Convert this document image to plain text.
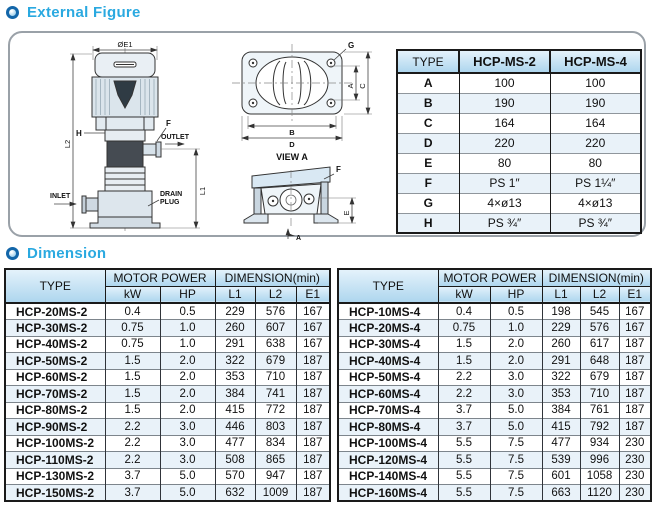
External Figure
ØE1
L2
L1
H
F
OUTLET
INLET	DRAIN
PLUG
G
A C
B
D
VIEW A
F
E
A
TYPE	HCP-MS-2	HCP-MS-4
A	100	100
B	190	190
C	164	164
D	220	220
E	80	80
F	PS 1″	PS 1¼″
G	4×ø13	4×ø13
H	PS ¾″	PS ¾″
Dimension
TYPE	MOTOR POWER		DIMENSION(min)		
	kW	HP	L1	L2	E1
HCP-20MS-2	0.4	0.5	229	576	167
HCP-30MS-2	0.75	1.0	260	607	167
HCP-40MS-2	0.75	1.0	291	638	167
HCP-50MS-2	1.5	2.0	322	679	187
HCP-60MS-2	1.5	2.0	353	710	187
HCP-70MS-2	1.5	2.0	384	741	187
HCP-80MS-2	1.5	2.0	415	772	187
HCP-90MS-2	2.2	3.0	446	803	187
HCP-100MS-2	2.2	3.0	477	834	187
HCP-110MS-2	2.2	3.0	508	865	187
HCP-130MS-2	3.7	5.0	570	947	187
HCP-150MS-2	3.7	5.0	632	1009	187
TYPE	MOTOR POWER		DIMENSION(min)		
	kW	HP	L1	L2	E1
HCP-10MS-4	0.4	0.5	198	545	167
HCP-20MS-4	0.75	1.0	229	576	167
HCP-30MS-4	1.5	2.0	260	617	187
HCP-40MS-4	1.5	2.0	291	648	187
HCP-50MS-4	2.2	3.0	322	679	187
HCP-60MS-4	2.2	3.0	353	710	187
HCP-70MS-4	3.7	5.0	384	761	187
HCP-80MS-4	3.7	5.0	415	792	187
HCP-100MS-4	5.5	7.5	477	934	230
HCP-120MS-4	5.5	7.5	539	996	230
HCP-140MS-4	5.5	7.5	601	1058	230
HCP-160MS-4	5.5	7.5	663	1120	230
